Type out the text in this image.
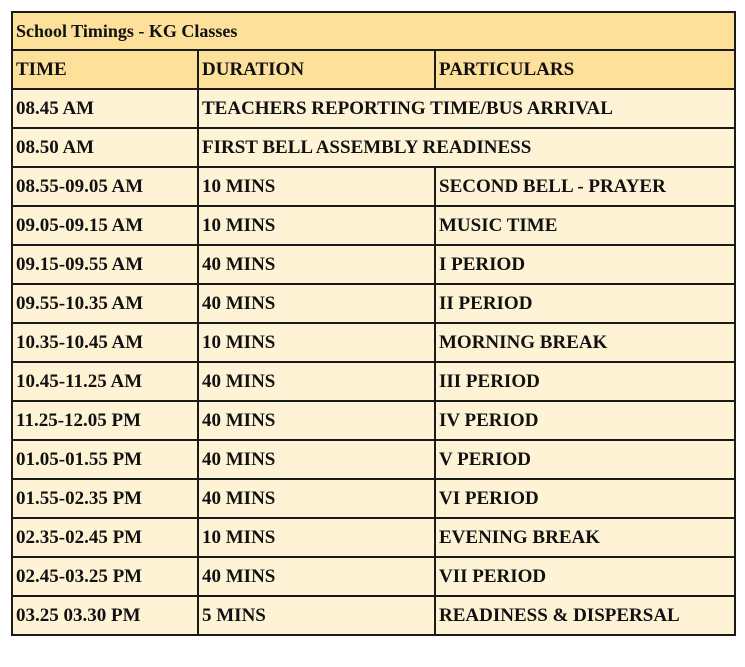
School Timings - KG Classes		
TIME	DURATION	PARTICULARS
08.45 AM	TEACHERS REPORTING TIME/BUS ARRIVAL	
08.50 AM	FIRST BELL ASSEMBLY READINESS	
08.55-09.05 AM	10 MINS	SECOND BELL - PRAYER
09.05-09.15 AM	10 MINS	MUSIC TIME
09.15-09.55 AM	40 MINS	I PERIOD
09.55-10.35 AM	40 MINS	II PERIOD
10.35-10.45 AM	10 MINS	MORNING BREAK
10.45-11.25 AM	40 MINS	III PERIOD
11.25-12.05 PM	40 MINS	IV PERIOD
01.05-01.55 PM	40 MINS	V PERIOD
01.55-02.35 PM	40 MINS	VI PERIOD
02.35-02.45 PM	10 MINS	EVENING BREAK
02.45-03.25 PM	40 MINS	VII PERIOD
03.25 03.30 PM	5 MINS	READINESS & DISPERSAL
